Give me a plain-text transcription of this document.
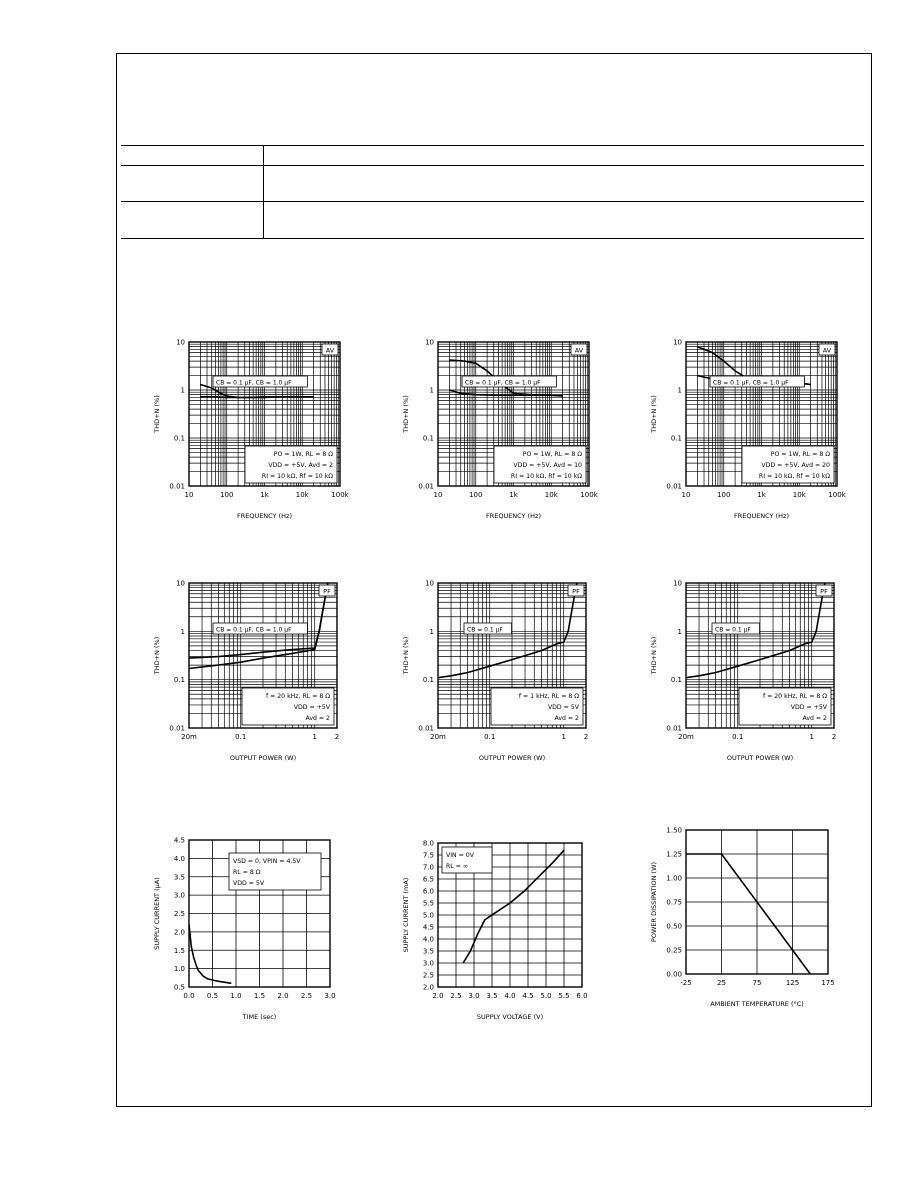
10	100	1k	10k	100k
10
1
0.1
0.01
FREQUENCY (Hz)
THD+N (%)
AV
CB = 0.1 µF, CB = 1.0 µF
PO = 1W, RL = 8 Ω
VDD = +5V, Avd = 2
RI = 10 kΩ, Rf = 10 kΩ
10	100	1k	10k	100k
10
1
0.1
0.01
FREQUENCY (Hz)
THD+N (%)
AV
CB = 0.1 µF, CB = 1.0 µF
PO = 1W, RL = 8 Ω
VDD = +5V, Avd = 10
RI = 10 kΩ, Rf = 10 kΩ
10	100	1k	10k	100k
10
1
0.1
0.01
FREQUENCY (Hz)
THD+N (%)
AV
CB = 0.1 µF, CB = 1.0 µF
PO = 1W, RL = 8 Ω
VDD = +5V, Avd = 20
RI = 10 kΩ, Rf = 10 kΩ
20m	0.1	1	2
10
1
0.1
0.01
OUTPUT POWER (W)
THD+N (%)
PF
CB = 0.1 µF, CB = 1.0 µF
f = 20 kHz, RL = 8 Ω
VDD = +5V
Avd = 2
20m	0.1	1	2
10
1
0.1
0.01
OUTPUT POWER (W)
THD+N (%)
PF
CB = 0.1 µF
f = 1 kHz, RL = 8 Ω
VDD = 5V
Avd = 2
20m	0.1	1	2
10
1
0.1
0.01
OUTPUT POWER (W)
THD+N (%)
PF
CB = 0.1 µF
f = 20 kHz, RL = 8 Ω
VDD = +5V
Avd = 2
0.0 0.5 1.0 1.5 2.0 2.5 3.0
4.5
4.0
3.5
3.0
2.5
2.0
1.5
1.0
0.5
TIME (sec)
SUPPLY CURRENT (µA)
VSD = 0, VPIN = 4.5V
RL = 8 Ω
VDD = 5V
2.0 2.5 3.0 3.5 4.0 4.5 5.0 5.5 6.0
8.0
7.5
7.0
6.5
6.0
5.5
5.0
4.5
4.0
3.5
3.0
2.5
2.0
SUPPLY VOLTAGE (V)
SUPPLY CURRENT (mA)
VIN = 0V
RL = ∞
-25	25	75	125	175
1.50
1.25
1.00
0.75
0.50
0.25
0.00
AMBIENT TEMPERATURE (°C)
POWER DISSIPATION (W)
